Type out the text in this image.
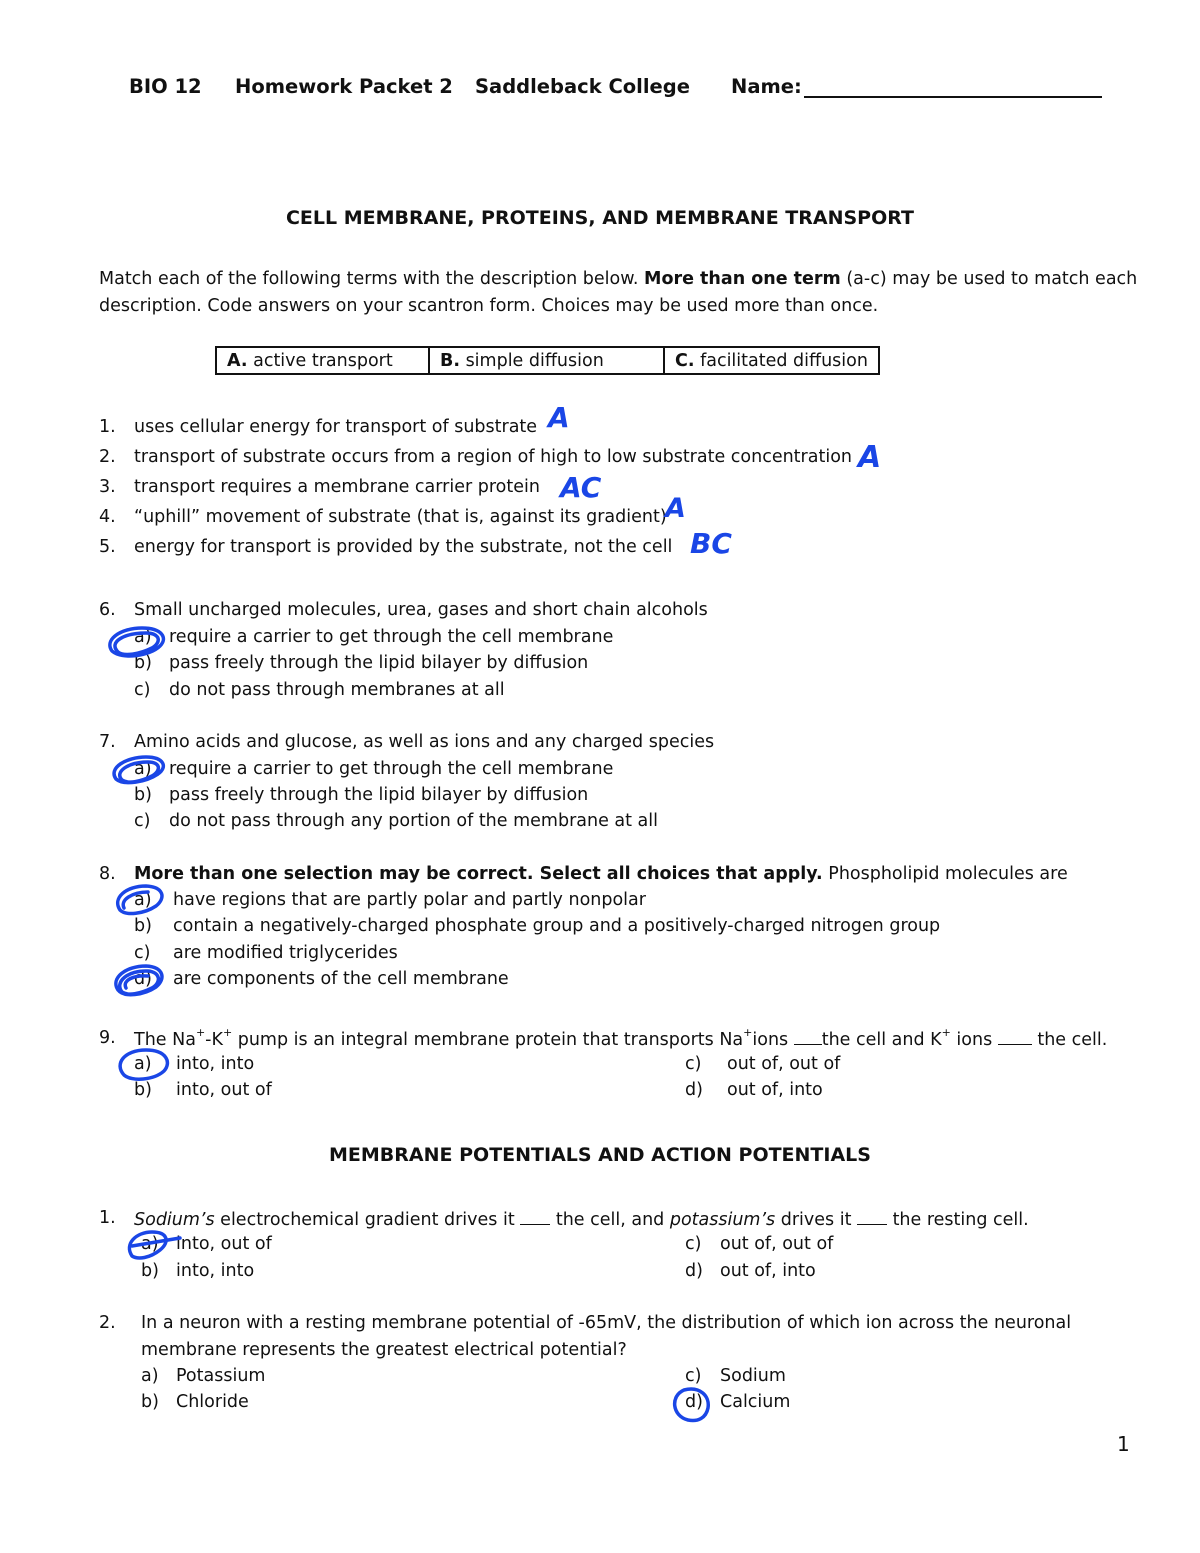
BIO 12 Homework Packet 2 Saddleback College Name:
CELL MEMBRANE, PROTEINS, AND MEMBRANE TRANSPORT
Match each of the following terms with the description below. More than one term (a-c) may be used to match each
description. Code answers on your scantron form. Choices may be used more than once.
A. active transport	B. simple diffusion	C. facilitated diffusion
1. uses cellular energy for transport of substrate
2. transport of substrate occurs from a region of high to low substrate concentration
3. transport requires a membrane carrier protein
4. “uphill” movement of substrate (that is, against its gradient)
5. energy for transport is provided by the substrate, not the cell
A
A
AC
A
BC
6. Small uncharged molecules, urea, gases and short chain alcohols
a) require a carrier to get through the cell membrane
b) pass freely through the lipid bilayer by diffusion
c) do not pass through membranes at all
7. Amino acids and glucose, as well as ions and any charged species
a) require a carrier to get through the cell membrane
b) pass freely through the lipid bilayer by diffusion
c) do not pass through any portion of the membrane at all
8. More than one selection may be correct. Select all choices that apply. Phospholipid molecules are
a) have regions that are partly polar and partly nonpolar
b) contain a negatively-charged phosphate group and a positively-charged nitrogen group
c) are modified triglycerides
d) are components of the cell membrane
9. The Na+-K+ pump is an integral membrane protein that transports Na+ions the cell and K+ ions  the cell.
a) into, into
b) into, out of
c) out of, out of
d) out of, into
MEMBRANE POTENTIALS AND ACTION POTENTIALS
1. Sodium’s electrochemical gradient drives it  the cell, and potassium’s drives it  the resting cell.
a) into, out of
b) into, into
c) out of, out of
d) out of, into
2. In a neuron with a resting membrane potential of -65mV, the distribution of which ion across the neuronal
membrane represents the greatest electrical potential?
a) Potassium
b) Chloride
c) Sodium
d) Calcium
1
